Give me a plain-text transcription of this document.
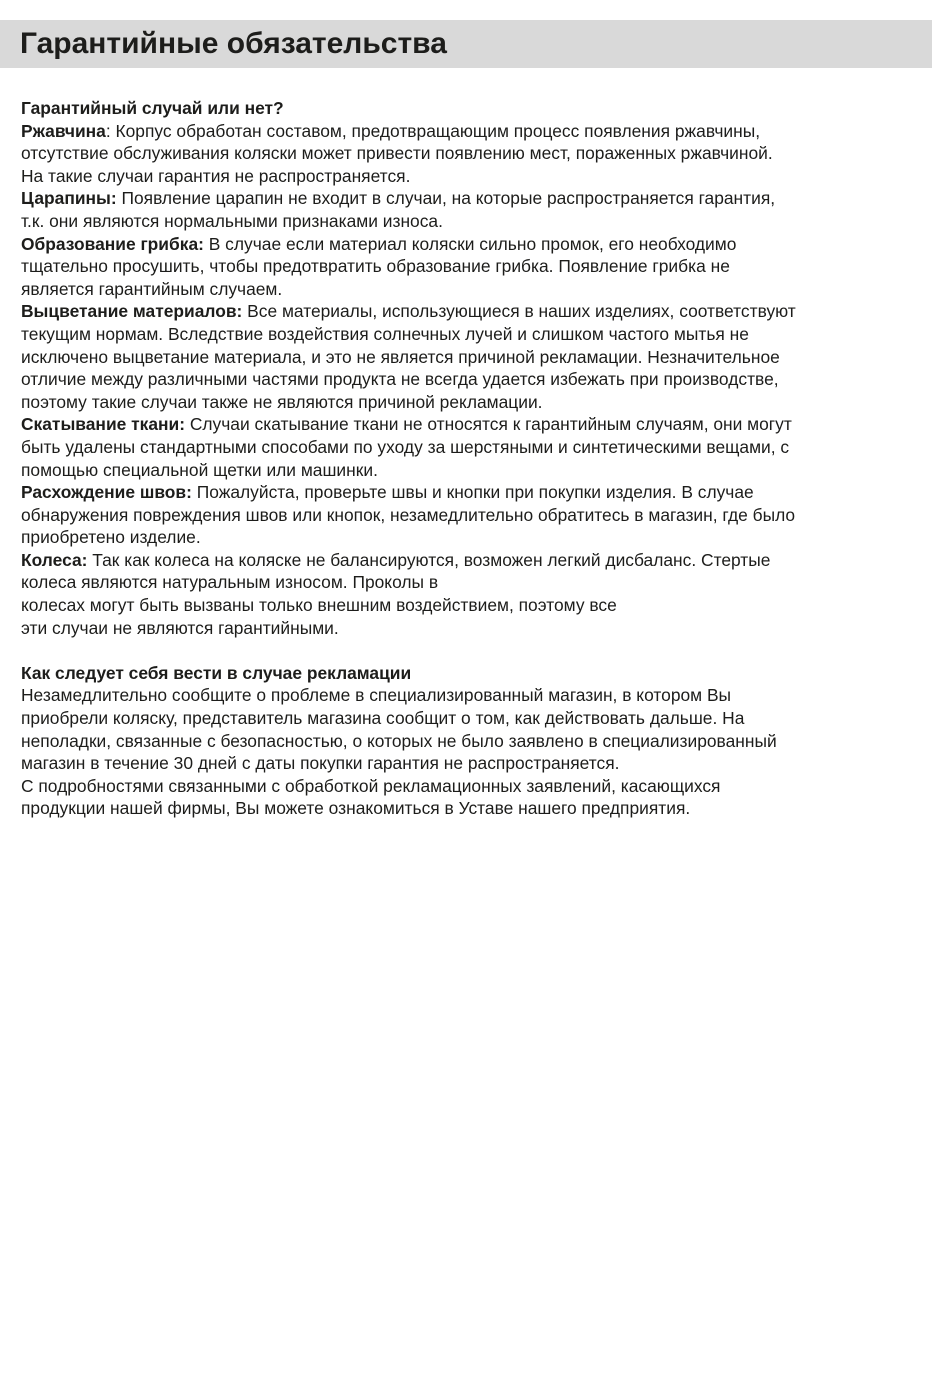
Гарантийные обязательства
Гарантийный случай или нет?
Ржавчина: Корпус обработан составом, предотвращающим процесс появления ржавчины,
отсутствие обслуживания коляски может привести появлению мест, пораженных ржавчиной.
На такие случаи гарантия не распространяется.
Царапины: Появление царапин не входит в случаи, на которые распространяется гарантия,
т.к. они являются нормальными признаками износа.
Образование грибка: В случае если материал коляски сильно промок, его необходимо
тщательно просушить, чтобы предотвратить образование грибка. Появление грибка не
является гарантийным случаем.
Выцветание материалов: Все материалы, использующиеся в наших изделиях, соответствуют
текущим нормам. Вследствие воздействия солнечных лучей и слишком частого мытья не
исключено выцветание материала, и это не является причиной рекламации. Незначительное
отличие между различными частями продукта не всегда удается избежать при производстве,
поэтому такие случаи также не являются причиной рекламации.
Скатывание ткани: Случаи скатывание ткани не относятся к гарантийным случаям, они могут
быть удалены стандартными способами по уходу за шерстяными и синтетическими вещами, с
помощью специальной щетки или машинки.
Расхождение швов: Пожалуйста, проверьте швы и кнопки при покупки изделия. В случае
обнаружения повреждения швов или кнопок, незамедлительно обратитесь в магазин, где было
приобретено изделие.
Колеса: Так как колеса на коляске не балансируются, возможен легкий дисбаланс. Стертые
колеса являются натуральным износом. Проколы в
колесах могут быть вызваны только внешним воздействием, поэтому все
эти случаи не являются гарантийными.
Как следует себя вести в случае рекламации
Незамедлительно сообщите о проблеме в специализированный магазин, в котором Вы
приобрели коляску, представитель магазина сообщит о том, как действовать дальше. На
неполадки, связанные с безопасностью, о которых не было заявлено в специализированный
магазин в течение 30 дней с даты покупки гарантия не распространяется.
С подробностями связанными с обработкой рекламационных заявлений, касающихся
продукции нашей фирмы, Вы можете ознакомиться в Уставе нашего предприятия.
